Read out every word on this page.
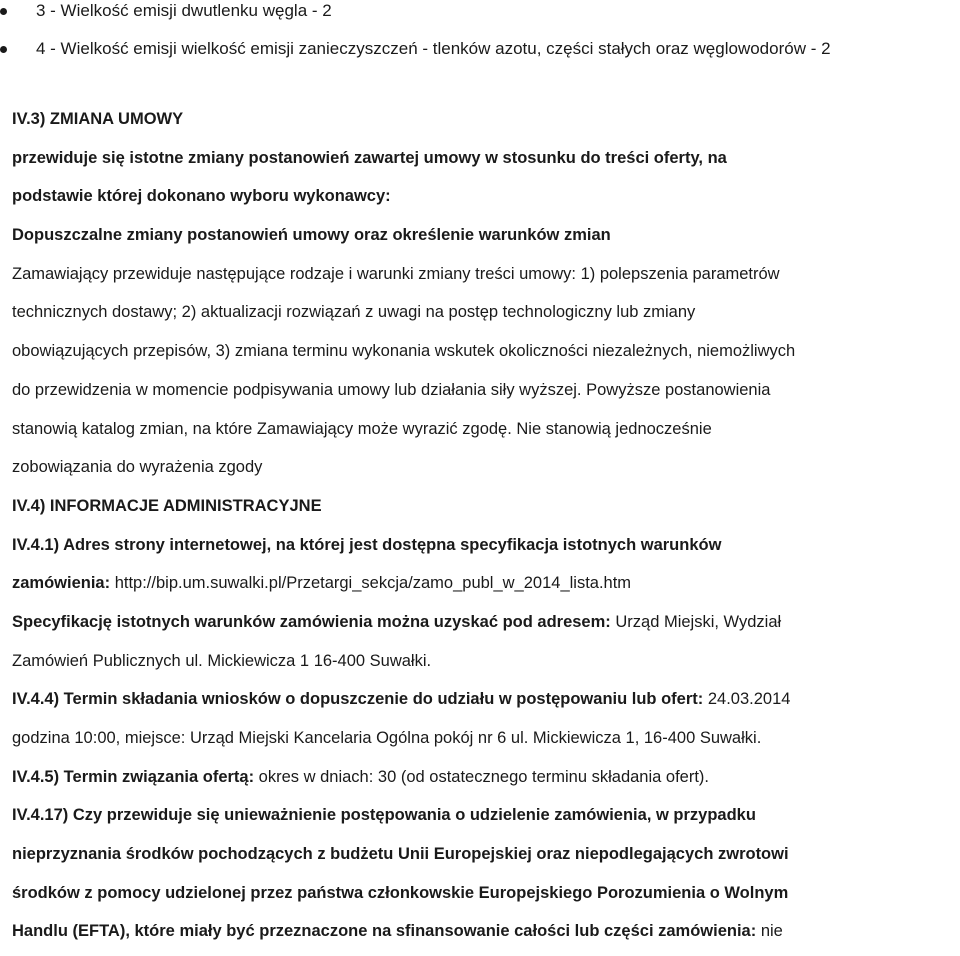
3 - Wielkość emisji dwutlenku węgla - 2
4 - Wielkość emisji wielkość emisji zanieczyszczeń - tlenków azotu, części stałych oraz węglowodorów - 2
IV.3) ZMIANA UMOWY
przewiduje się istotne zmiany postanowień zawartej umowy w stosunku do treści oferty, na
podstawie której dokonano wyboru wykonawcy:
Dopuszczalne zmiany postanowień umowy oraz określenie warunków zmian
Zamawiający przewiduje następujące rodzaje i warunki zmiany treści umowy: 1) polepszenia parametrów
technicznych dostawy; 2) aktualizacji rozwiązań z uwagi na postęp technologiczny lub zmiany
obowiązujących przepisów, 3) zmiana terminu wykonania wskutek okoliczności niezależnych, niemożliwych
do przewidzenia w momencie podpisywania umowy lub działania siły wyższej. Powyższe postanowienia
stanowią katalog zmian, na które Zamawiający może wyrazić zgodę. Nie stanowią jednocześnie
zobowiązania do wyrażenia zgody
IV.4) INFORMACJE ADMINISTRACYJNE
IV.4.1) Adres strony internetowej, na której jest dostępna specyfikacja istotnych warunków
zamówienia: http://bip.um.suwalki.pl/Przetargi_sekcja/zamo_publ_w_2014_lista.htm
Specyfikację istotnych warunków zamówienia można uzyskać pod adresem: Urząd Miejski, Wydział
Zamówień Publicznych ul. Mickiewicza 1 16-400 Suwałki.
IV.4.4) Termin składania wniosków o dopuszczenie do udziału w postępowaniu lub ofert: 24.03.2014
godzina 10:00, miejsce: Urząd Miejski Kancelaria Ogólna pokój nr 6 ul. Mickiewicza 1, 16-400 Suwałki.
IV.4.5) Termin związania ofertą: okres w dniach: 30 (od ostatecznego terminu składania ofert).
IV.4.17) Czy przewiduje się unieważnienie postępowania o udzielenie zamówienia, w przypadku
nieprzyznania środków pochodzących z budżetu Unii Europejskiej oraz niepodlegających zwrotowi
środków z pomocy udzielonej przez państwa członkowskie Europejskiego Porozumienia o Wolnym
Handlu (EFTA), które miały być przeznaczone na sfinansowanie całości lub części zamówienia: nie
